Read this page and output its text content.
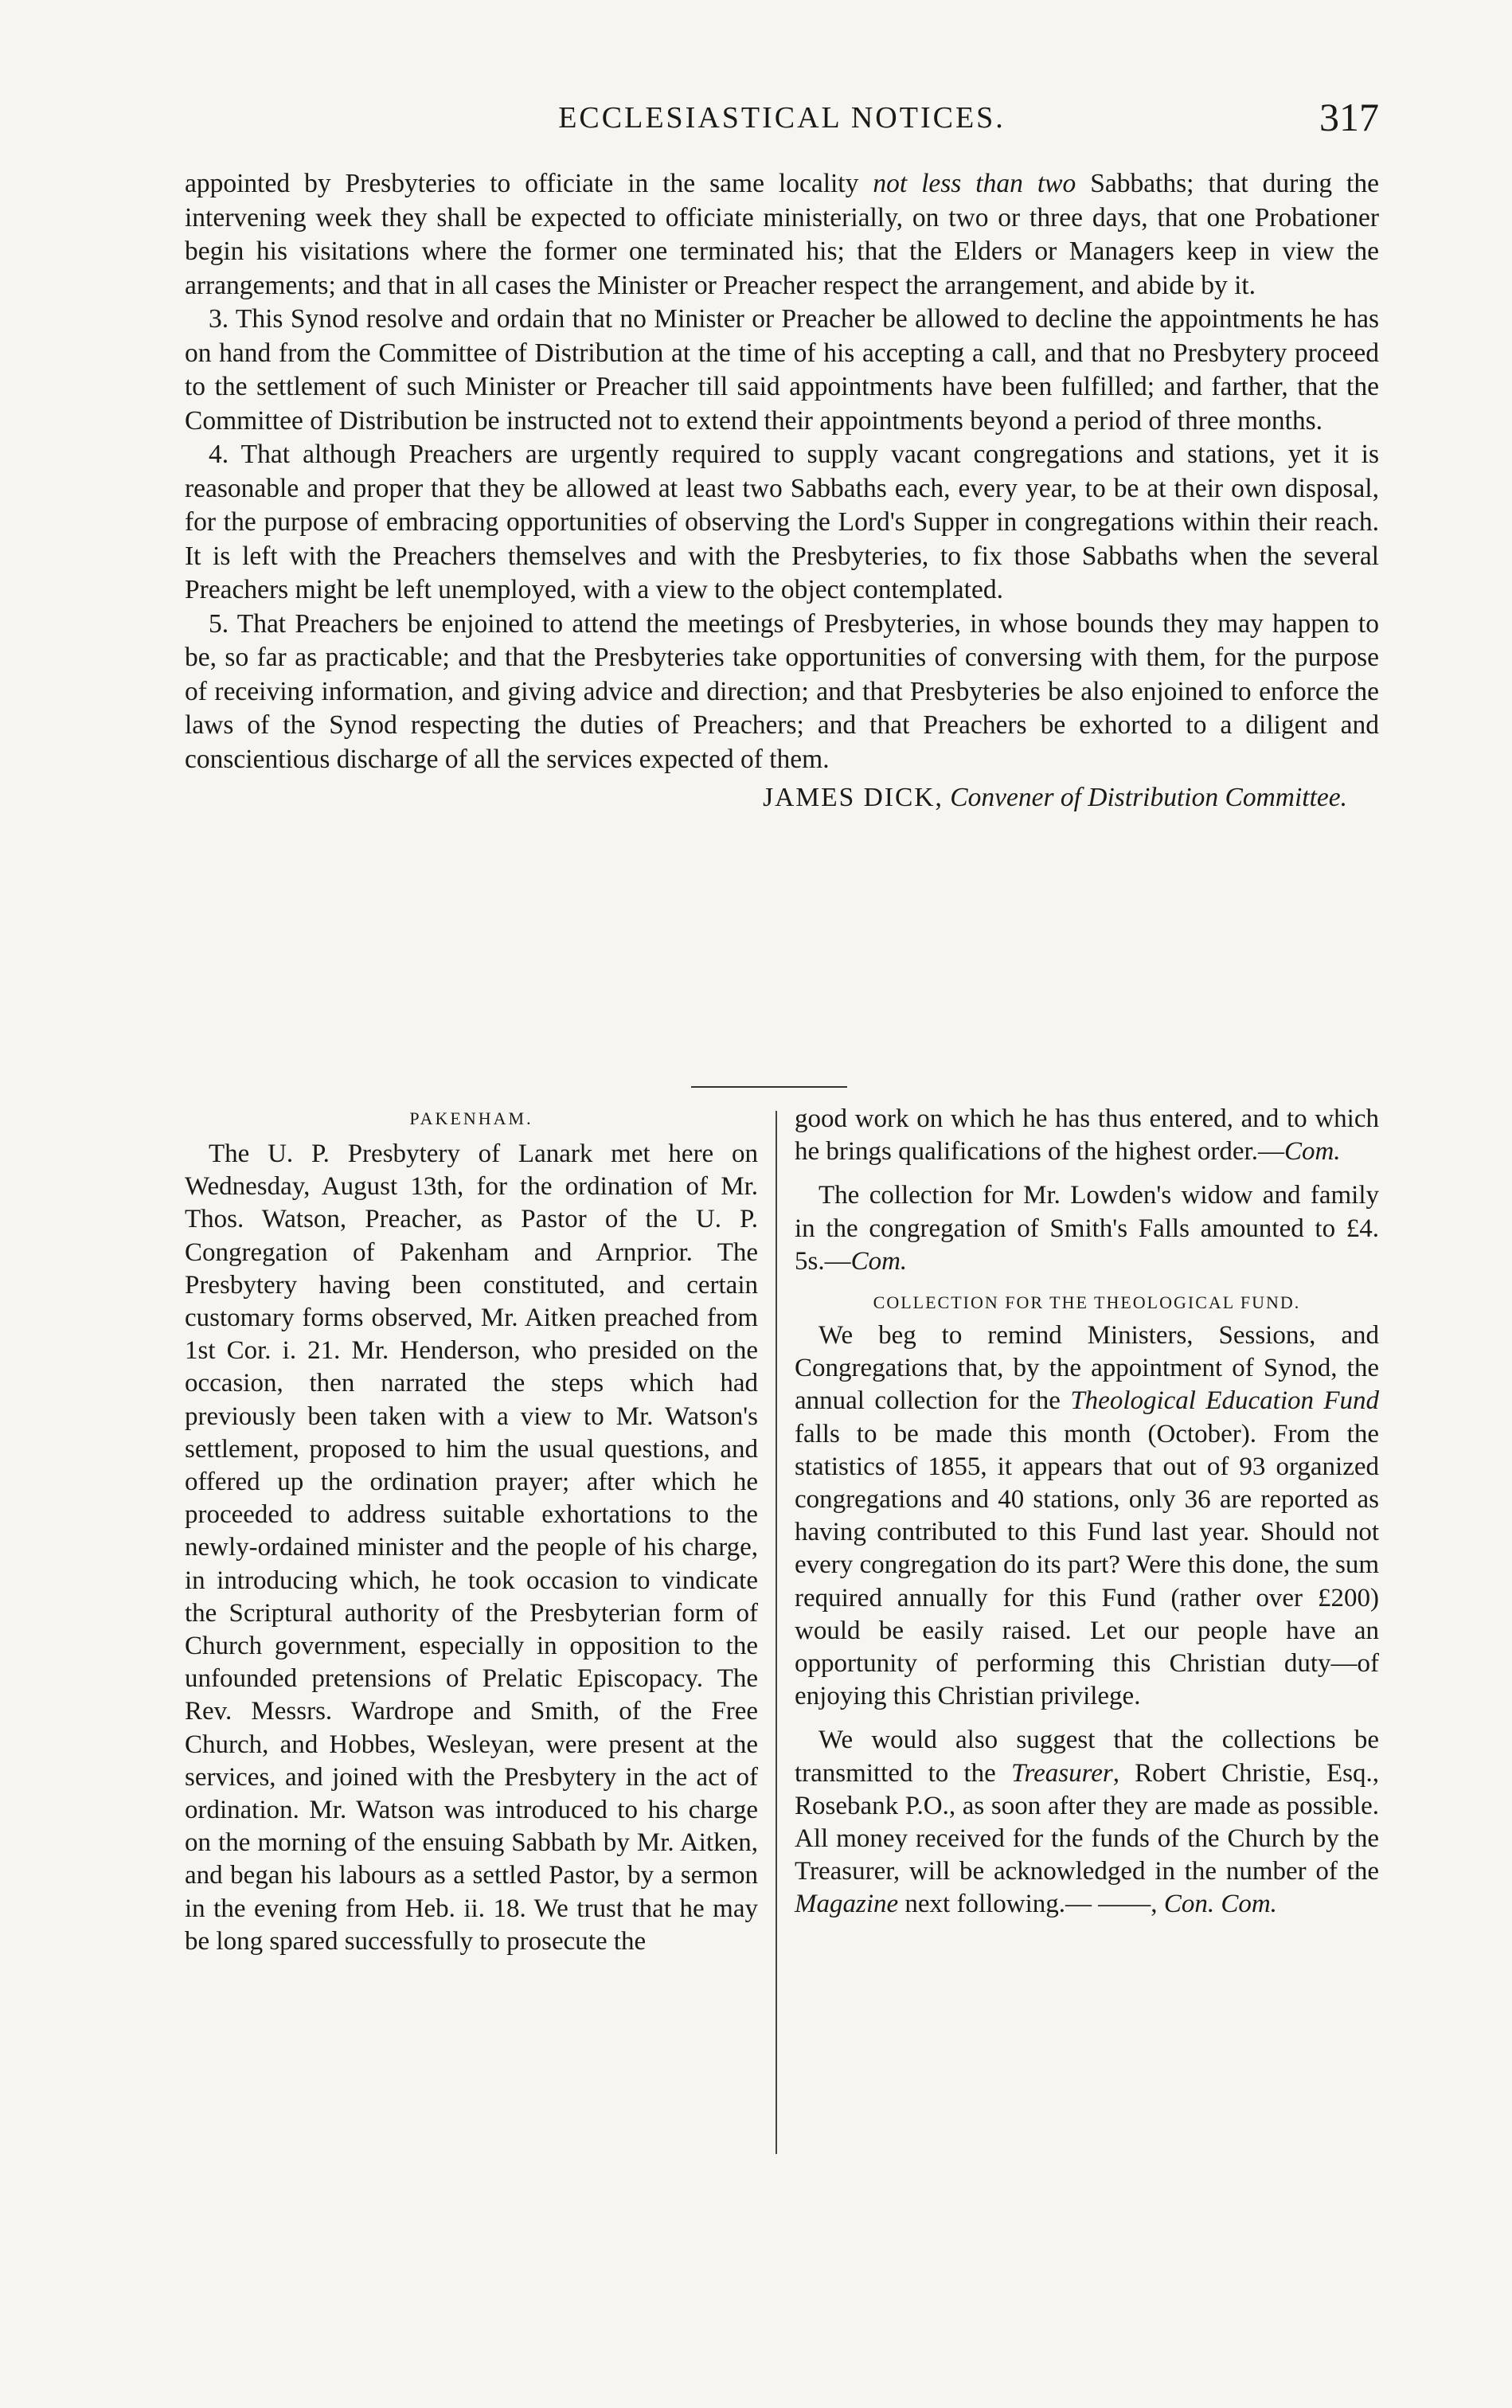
ECCLESIASTICAL NOTICES.	317

appointed by Presbyteries to officiate in the same locality not less than two Sabbaths; that during the intervening week they shall be expected to officiate ministerially, on two or three days, that one Probationer begin his visitations where the former one terminated his; that the Elders or Managers keep in view the arrangements; and that in all cases the Minister or Preacher respect the arrangement, and abide by it.

3. This Synod resolve and ordain that no Minister or Preacher be allowed to decline the appointments he has on hand from the Committee of Distribution at the time of his accepting a call, and that no Presbytery proceed to the settlement of such Minister or Preacher till said appointments have been fulfilled; and farther, that the Committee of Distribution be instructed not to extend their appointments beyond a period of three months.

4. That although Preachers are urgently required to supply vacant congregations and stations, yet it is reasonable and proper that they be allowed at least two Sabbaths each, every year, to be at their own disposal, for the purpose of embracing opportunities of observing the Lord's Supper in congregations within their reach. It is left with the Preachers themselves and with the Presbyteries, to fix those Sabbaths when the several Preachers might be left unemployed, with a view to the object contemplated.

5. That Preachers be enjoined to attend the meetings of Presbyteries, in whose bounds they may happen to be, so far as practicable; and that the Presbyteries take opportunities of conversing with them, for the purpose of receiving information, and giving advice and direction; and that Presbyteries be also enjoined to enforce the laws of the Synod respecting the duties of Preachers; and that Preachers be exhorted to a diligent and conscientious discharge of all the services expected of them.

JAMES DICK, Convener of Distribution Committee.

PAKENHAM.

The U. P. Presbytery of Lanark met here on Wednesday, August 13th, for the ordination of Mr. Thos. Watson, Preacher, as Pastor of the U. P. Congregation of Pakenham and Arnprior. The Presbytery having been constituted, and certain customary forms observed, Mr. Aitken preached from 1st Cor. i. 21. Mr. Henderson, who presided on the occasion, then narrated the steps which had previously been taken with a view to Mr. Watson's settlement, proposed to him the usual questions, and offered up the ordination prayer; after which he proceeded to address suitable exhortations to the newly-ordained minister and the people of his charge, in introducing which, he took occasion to vindicate the Scriptural authority of the Presbyterian form of Church government, especially in opposition to the unfounded pretensions of Prelatic Episcopacy. The Rev. Messrs. Wardrope and Smith, of the Free Church, and Hobbes, Wesleyan, were present at the services, and joined with the Presbytery in the act of ordination. Mr. Watson was introduced to his charge on the morning of the ensuing Sabbath by Mr. Aitken, and began his labours as a settled Pastor, by a sermon in the evening from Heb. ii. 18. We trust that he may be long spared successfully to prosecute the

good work on which he has thus entered, and to which he brings qualifications of the highest order.—Com.

The collection for Mr. Lowden's widow and family in the congregation of Smith's Falls amounted to £4. 5s.—Com.

COLLECTION FOR THE THEOLOGICAL FUND.

We beg to remind Ministers, Sessions, and Congregations that, by the appointment of Synod, the annual collection for the Theological Education Fund falls to be made this month (October). From the statistics of 1855, it appears that out of 93 organized congregations and 40 stations, only 36 are reported as having contributed to this Fund last year. Should not every congregation do its part? Were this done, the sum required annually for this Fund (rather over £200) would be easily raised. Let our people have an opportunity of performing this Christian duty—of enjoying this Christian privilege.

We would also suggest that the collections be transmitted to the Treasurer, Robert Christie, Esq., Rosebank P.O., as soon after they are made as possible. All money received for the funds of the Church by the Treasurer, will be acknowledged in the number of the Magazine next following.— ——, Con. Com.
